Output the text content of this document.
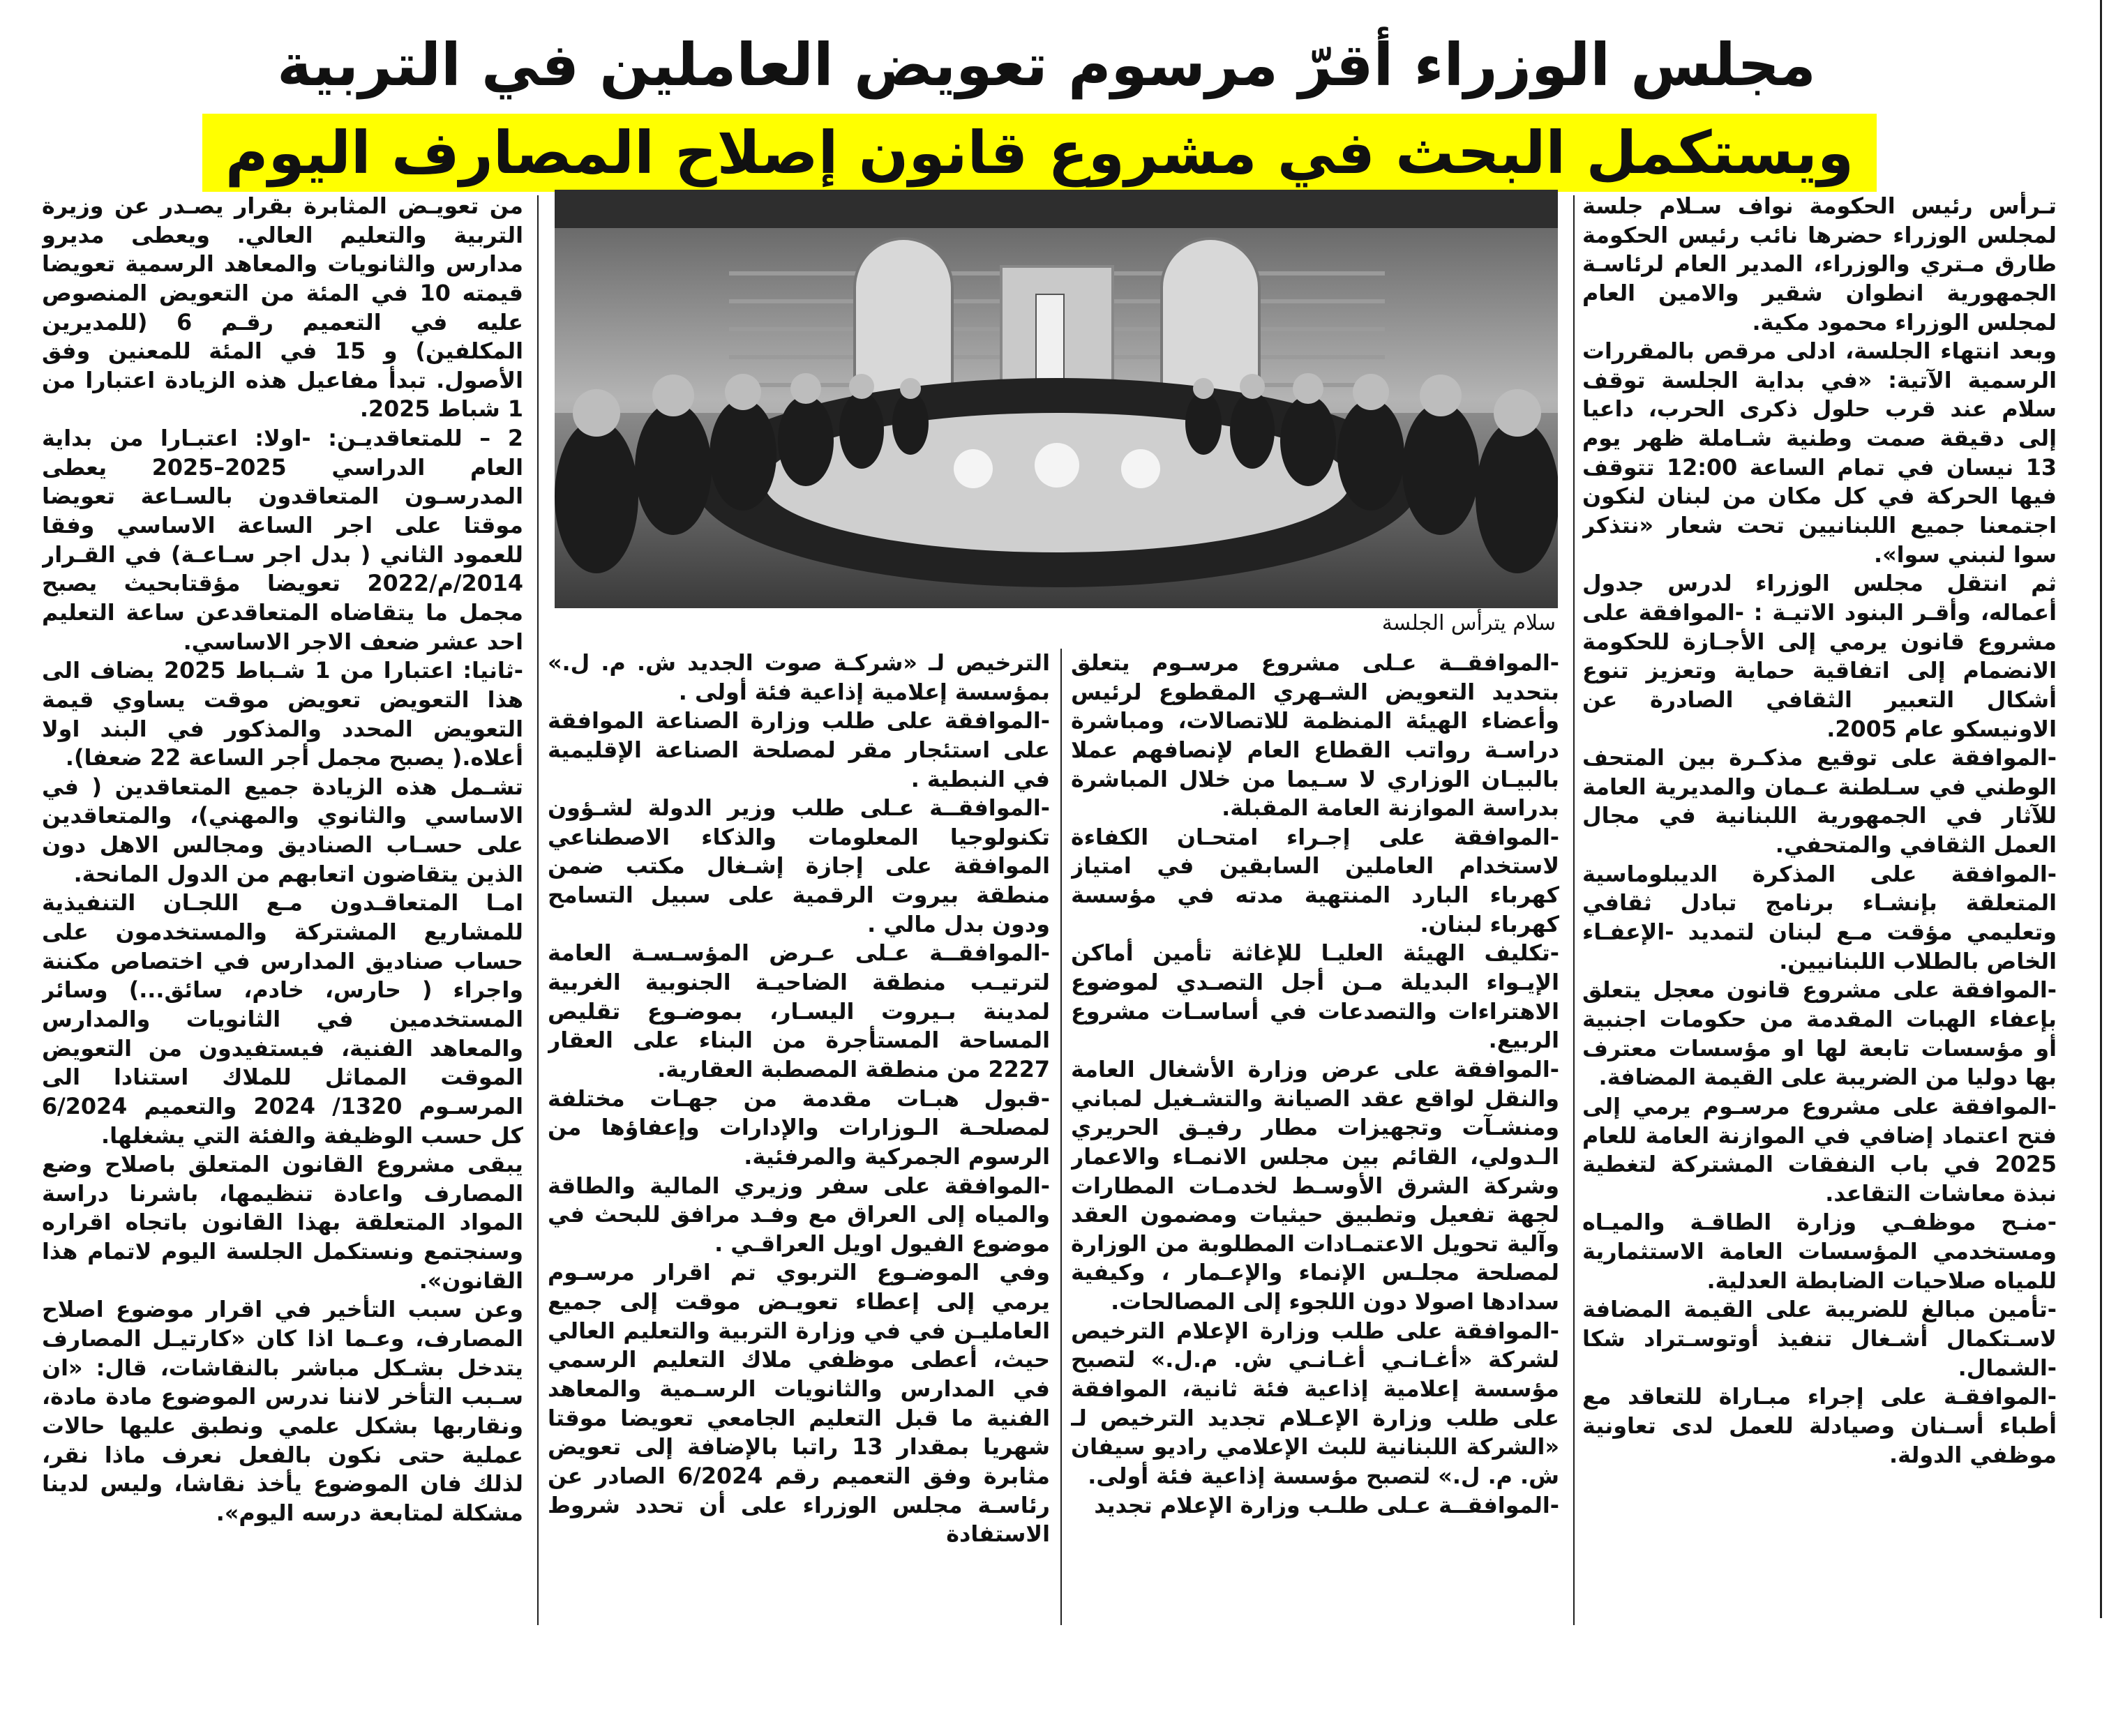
مجلس الوزراء أقرّ مرسوم تعويض العاملين في التربية
ويستكمل البحث في مشروع قانون إصلاح المصارف اليوم
سلام يترأس الجلسة
تـرأس رئيس الحكومة نواف سـلام جلسة لمجلس الوزراء حضرها نائب رئيس الحكومة طارق مـتري والوزراء، المدير العام لرئاسـة الجمهورية انطوان شقير والامين العام لمجلس الوزراء محمود مكية.
وبعد انتهاء الجلسة، ادلى مرقص بالمقررات الرسمية الآتية: «في بداية الجلسة توقف سلام عند قرب حلول ذكرى الحرب، داعيا إلى دقيقة صمت وطنية شـاملة ظهر يوم 13 نيسان في تمام الساعة 12:00 تتوقف فيها الحركة في كل مكان من لبنان لنكون اجتمعنا جميع اللبنانيين تحت شعار «نتذكر سوا لنبني سوا».
ثم انتقل مجلس الوزراء لدرس جدول أعماله، وأقـر البنود الاتيـة : -الموافقة على مشروع قانون يرمي إلى الأجـازة للحكومة الانضمام إلى اتفاقية حماية وتعزيز تنوع أشكال التعبير الثقافي الصادرة عن الاونيسكو عام 2005.
-الموافقة على توقيع مذكـرة بين المتحف الوطني في سـلطنة عـمان والمديرية العامة للآثار في الجمهورية اللبنانية في مجال العمل الثقافي والمتحفي.
-الموافقة على المذكرة الديبلوماسية المتعلقة بإنشـاء برنامج تبادل ثقافي وتعليمي مؤقت مـع لبنان لتمديد -الإعفـاء الخاص بالطلاب اللبنانيين.
-الموافقة على مشروع قانون معجل يتعلق بإعفاء الهبات المقدمة من حكومات اجنبية أو مؤسسات تابعة لها او مؤسسات معترف بها دوليا من الضريبة على القيمة المضافة.
-الموافقة على مشروع مرسـوم يرمي إلى فتح اعتماد إضافي في الموازنة العامة للعام 2025 في باب النفقات المشتركة لتغطية نبذة معاشات التقاعد.
-منـح موظفـي وزارة الطاقـة والميـاه ومستخدمي المؤسسات العامة الاستثمارية للمياه صلاحيات الضابطة العدلية.
-تأمين مبالغ للضريبة على القيمة المضافة لاسـتكمال أشـغال تنفيذ أوتوسـتراد شكا -الشمال.
-الموافقـة على إجراء مبـاراة للتعاقد مع أطباء أسـنان وصيادلة للعمل لدى تعاونية موظفي الدولة.
-الموافقــة عـلى مشروع مرسـوم يتعلق بتحديد التعويض الشـهري المقطوع لرئيس وأعضاء الهيئة المنظمة للاتصالات، ومباشرة دراسـة رواتب القطاع العام لإنصافهم عملا بالبيـان الوزاري لا سـيما من خلال المباشرة بدراسة الموازنة العامة المقبلة.
-الموافقة على إجـراء امتحـان الكفاءة لاستخدام العاملين السابقين في امتياز كهرباء البارد المنتهية مدته في مؤسسة كهرباء لبنان.
-تكليف الهيئة العليـا للإغاثة تأمين أماكن الإيـواء البديلة مـن أجل التصـدي لموضوع الاهتراءات والتصدعات في أساسـات مشروع الربيع.
-الموافقة على عرض وزارة الأشغال العامة والنقل لواقع عقد الصيانة والتشـغيل لمباني ومنشـآت وتجهيزات مطار رفيـق الحريري الـدولي، القائم بين مجلس الانمـاء والاعمار وشركة الشرق الأوسـط لخدمـات المطارات لجهة تفعيل وتطبيق حيثيات ومضمون العقد وآلية تحويل الاعتمـادات المطلوبة من الوزارة لمصلحة مجلـس الإنماء والإعـمار ، وكيفية سدادها اصولا دون اللجوء إلى المصالحات.
-الموافقة على طلب وزارة الإعلام الترخيص لشركة «أغـانـي أغـانـي ش. م.ل.» لتصبح مؤسسة إعلامية إذاعية فئة ثانية، الموافقة على طلب وزارة الإعـلام تجديد الترخيص لـ «الشركة اللبنانية للبث الإعلامي راديو سيفان ش. م. ل.» لتصبح مؤسسة إذاعية فئة أولى.
-الموافقــة عـلى طلـب وزارة الإعلام تجديد
الترخيص لـ «شركـة صوت الجديد ش. م. ل.» بمؤسسة إعلامية إذاعية فئة أولى .
-الموافقة على طلب وزارة الصناعة الموافقة على استئجار مقر لمصلحة الصناعة الإقليمية في النبطية .
-الموافقــة عـلى طلب وزير الدولة لشـؤون تكنولوجيا المعلومات والذكاء الاصطناعي الموافقة على إجازة إشـغال مكتب ضمن منطقة بيروت الرقمية على سبيل التسامح ودون بدل مالي .
-الموافقــة عـلى عـرض المؤسـسـة العامة لترتيـب منطقة الضاحيـة الجنوبية الغربية لمدينة بـيروت اليسـار، بموضـوع تقليص المساحة المستأجرة من البناء على العقار 2227 من منطقة المصطبة العقارية.
-قبول هبـات مقدمة من جهـات مختلفة لمصلحـة الـوزارات والإدارات وإعفاؤها من الرسوم الجمركية والمرفئية.
-الموافقة على سفر وزيري المالية والطاقة والمياه إلى العراق مع وفـد مرافق للبحث في موضوع الفيول اويل العراقـي .
وفي الموضـوع التربوي تم اقرار مرسـوم يرمي إلى إعطاء تعويـض موقت إلى جميع العامليـن في في وزارة التربية والتعليم العالي حيث، أعطى موظفي ملاك التعليم الرسمي في المدارس والثانويات الرسـمية والمعاهد الفنية ما قبل التعليم الجامعي تعويضا موقتا شهريا بمقدار 13 راتبا بالإضافة إلى تعويض مثابرة وفق التعميم رقم 6/2024 الصادر عن رئاسـة مجلس الوزراء على أن تحدد شروط الاستفادة
من تعويـض المثابرة بقرار يصـدر عن وزيرة التربية والتعليم العالي. ويعطى مديرو مدارس والثانويات والمعاهد الرسمية تعويضا قيمته 10 في المئة من التعويض المنصوص عليه في التعميم رقـم 6 (للمديرين المكلفين) و 15 في المئة للمعنين وفق الأصول. تبدأ مفاعيل هذه الزيادة اعتبارا من 1 شباط 2025.
2 – للمتعاقديـن: -اولا: اعتبـارا من بداية العام الدراسي 2025–2025 يعطى المدرسـون المتعاقدون بالسـاعة تعويضا موقتا على اجر الساعة الاساسي وفقا للعمود الثاني ( بدل اجر سـاعـة) في القـرار 2014/م/2022 تعويضا مؤقتابحيث يصبح مجمل ما يتقاضاه المتعاقدعن ساعة التعليم احد عشر ضعف الاجر الاساسي.
-ثانيا: اعتبارا من 1 شـباط 2025 يضاف الى هذا التعويض تعويض موقت يساوي قيمة التعويض المحدد والمذكور في البند اولا أعلاه.( يصبح مجمل أجر الساعة 22 ضعفا).
تشـمل هذه الزيادة جميع المتعاقدين ( في الاساسي والثانوي والمهني)، والمتعاقدين على حسـاب الصناديق ومجالس الاهل دون الذين يتقاضون اتعابهم من الدول المانحة.
امـا المتعاقـدون مـع اللجـان التنفيذية للمشاريع المشتركة والمستخدمون على حساب صناديق المدارس في اختصاص مكننة واجراء ( حارس، خادم، سائق...) وسائر المستخدمين في الثانويات والمدارس والمعاهد الفنية، فيستفيدون من التعويض الموقت المماثل للملاك استنادا الى المرسـوم 1320/ 2024 والتعميم 6/2024 كل حسب الوظيفة والفئة التي يشغلها.
يبقى مشروع القانون المتعلق باصلاح وضع المصارف واعادة تنظيمها، باشرنا دراسة المواد المتعلقة بهذا القانون باتجاه اقراره وسنجتمع ونستكمل الجلسة اليوم لاتمام هذا القانون».
وعن سبب التأخير في اقرار موضوع اصلاح المصارف، وعـما اذا كان «كارتيـل المصارف يتدخل بشـكل مباشر بالنقاشات، قال: «ان سـبب التأخر لاننا ندرس الموضوع مادة مادة، ونقاربها بشكل علمي ونطبق عليها حالات عملية حتى نكون بالفعل نعرف ماذا نقر، لذلك فان الموضوع يأخذ نقاشا، وليس لدينا مشكلة لمتابعة درسه اليوم».
